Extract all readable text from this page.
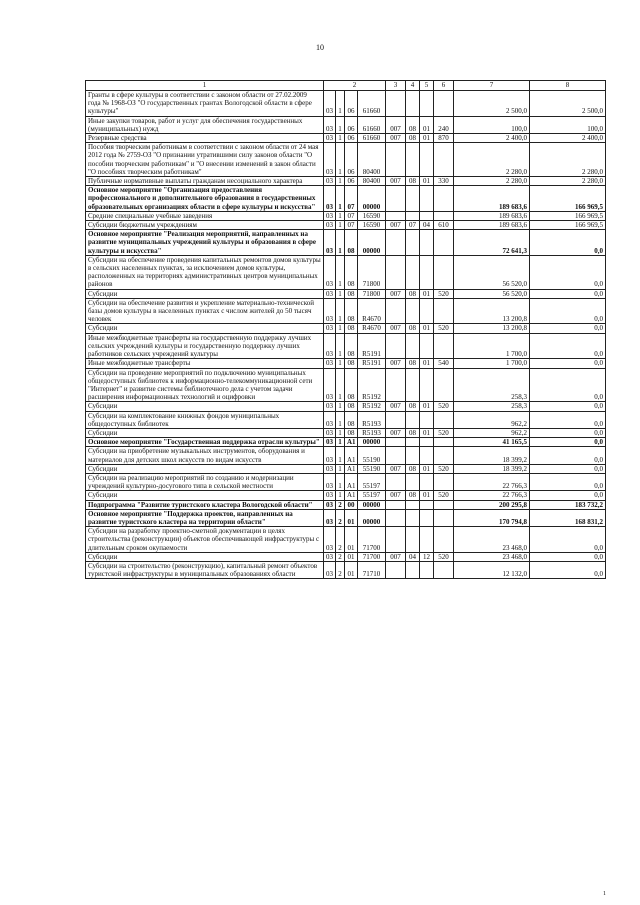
10
1	2				3	4	5	6	7	8
Гранты в сфере культуры в соответствии с законом области от 27.02.2009 года № 1968-ОЗ "О государственных грантах Вологодской области в сфере культуры"	03	1	06	61660					2 500,0	2 500,0
Иные закупки товаров, работ и услуг для обеспечения государственных (муниципальных) нужд	03	1	06	61660	007	08	01	240	100,0	100,0
Резервные средства	03	1	06	61660	007	08	01	870	2 400,0	2 400,0
Пособия творческим работникам в соответствии с законом области от 24 мая 2012 года № 2759-ОЗ "О признании утратившими силу законов области "О пособии творческим работникам" и "О внесении изменений в закон области "О пособиях творческим работникам"	03	1	06	80400					2 280,0	2 280,0
Публичные нормативные выплаты гражданам несоциального характера	03	1	06	80400	007	08	01	330	2 280,0	2 280,0
Основное мероприятие "Организация предоставления профессионального и дополнительного образования в государственных образовательных организациях области в сфере культуры и искусства"	03	1	07	00000					189 683,6	166 969,5
Средние специальные учебные заведения	03	1	07	16590					189 683,6	166 969,5
Субсидии бюджетным учреждениям	03	1	07	16590	007	07	04	610	189 683,6	166 969,5
Основное мероприятие "Реализация мероприятий, направленных на развитие муниципальных учреждений культуры и образования в сфере культуры и искусства"	03	1	08	00000					72 641,3	0,0
Субсидии на обеспечение проведения капитальных ремонтов домов культуры в сельских населенных пунктах, за исключением домов культуры, расположенных на территориях административных центров муниципальных районов	03	1	08	71800					56 520,0	0,0
Субсидии	03	1	08	71800	007	08	01	520	56 520,0	0,0
Субсидии на обеспечение развития и укрепление материально-технической базы домов культуры в населенных пунктах с числом жителей до 50 тысяч человек	03	1	08	R4670					13 200,8	0,0
Субсидии	03	1	08	R4670	007	08	01	520	13 200,8	0,0
Иные межбюджетные трансферты на государственную поддержку лучших сельских учреждений культуры и государственную поддержку лучших работников сельских учреждений культуры	03	1	08	R5191					1 700,0	0,0
Иные межбюджетные трансферты	03	1	08	R5191	007	08	01	540	1 700,0	0,0
Субсидии на проведение мероприятий по подключению муниципальных общедоступных библиотек к информационно-телекоммуникационной сети "Интернет" и развитие системы библиотечного дела с учетом задачи расширения информационных технологий и оцифровки	03	1	08	R5192					258,3	0,0
Субсидии	03	1	08	R5192	007	08	01	520	258,3	0,0
Субсидии на комплектование книжных фондов муниципальных общедоступных библиотек	03	1	08	R5193					962,2	0,0
Субсидии	03	1	08	R5193	007	08	01	520	962,2	0,0
Основное мероприятие "Государственная поддержка отрасли культуры"	03	1	A1	00000					41 165,5	0,0
Субсидии на приобретение музыкальных инструментов, оборудования и материалов для детских школ искусств по видам искусств	03	1	A1	55190					18 399,2	0,0
Субсидии	03	1	A1	55190	007	08	01	520	18 399,2	0,0
Субсидии на реализацию мероприятий по созданию и модернизации учреждений культурно-досугового типа в сельской местности	03	1	A1	55197					22 766,3	0,0
Субсидии	03	1	A1	55197	007	08	01	520	22 766,3	0,0
Подпрограмма "Развитие туристского кластера Вологодской области"	03	2	00	00000					200 295,8	183 732,2
Основное мероприятие "Поддержка проектов, направленных на развитие туристского кластера на территории области"	03	2	01	00000					170 794,8	168 831,2
Субсидии на разработку проектно-сметной документации в целях строительства (реконструкции) объектов обеспечивающей инфраструктуры с длительным сроком окупаемости	03	2	01	71700					23 468,0	0,0
Субсидии	03	2	01	71700	007	04	12	520	23 468,0	0,0
Субсидии на строительство (реконструкцию), капитальный ремонт объектов туристской инфраструктуры в муниципальных образованиях области	03	2	01	71710					12 132,0	0,0
1
